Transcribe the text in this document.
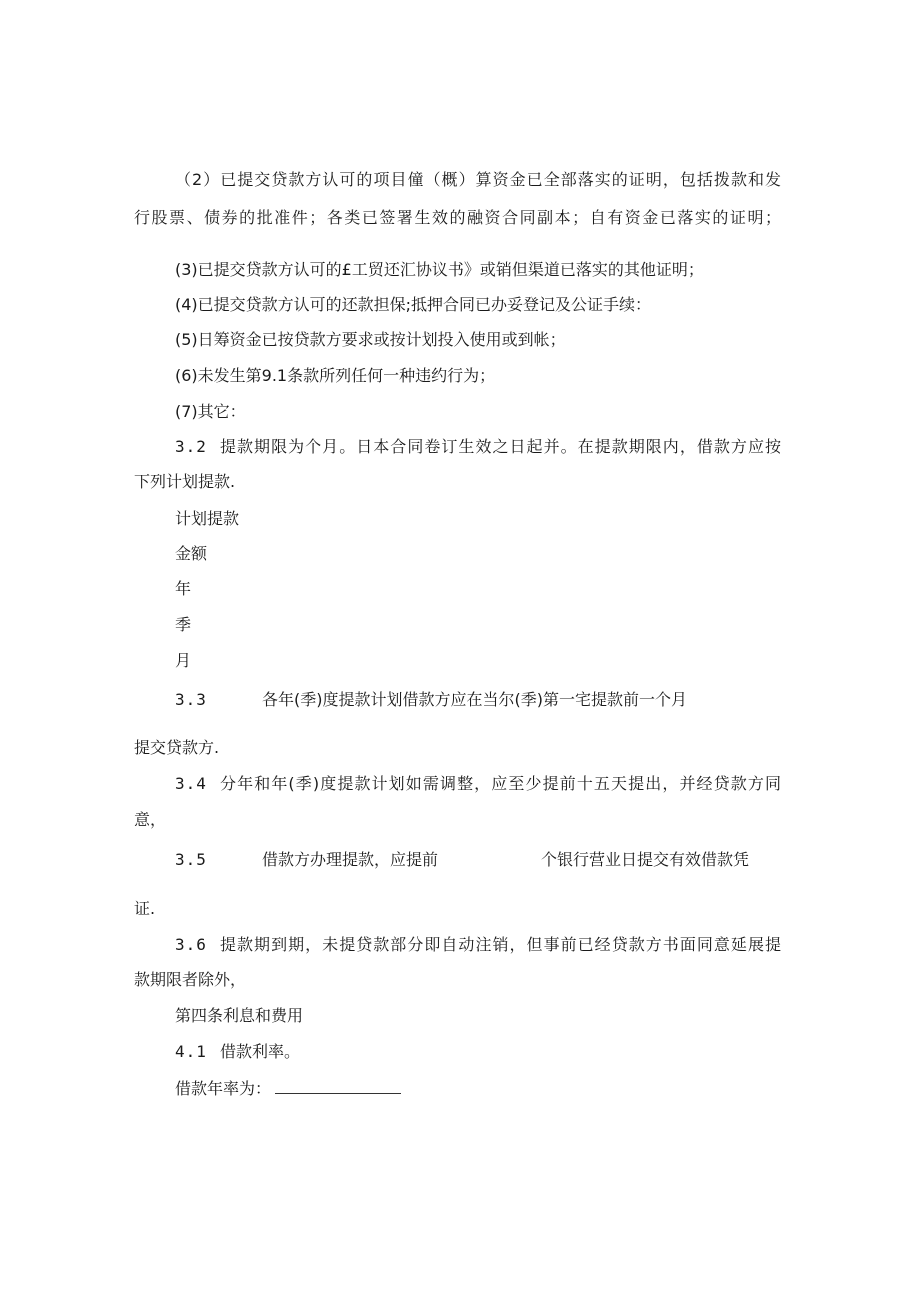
（2）已提交贷款方认可的项目僮（概）算资金已全部落实的证明，包括拨款和发

行股票、债券的批准件；各类已签署生效的融资合同副本；自有资金已落实的证明；

(3)已提交贷款方认可的£工贸还汇协议书》或销但渠道已落实的其他证明；

(4)已提交贷款方认可的还款担保;抵押合同已办妥登记及公证手续：

(5)日筹资金已按贷款方要求或按计划投入使用或到帐；

(6)未发生第9.1条款所列任何一种违约行为；

(7)其它：

3.2 提款期限为个月。日本合同卷订生效之日起并。在提款期限内，借款方应按

下列计划提款.

计划提款

金额

年

季

月

3.3	各年(季)度提款计划借款方应在当尔(季)第一宅提款前一个月

提交贷款方.

3.4 分年和年(季)度提款计划如需调整，应至少提前十五天提出，并经贷款方同

意，

3.5	借款方办理提款，应提前	个银行营业日提交有效借款凭

证.

3.6 提款期到期，未提贷款部分即自动注销，但事前已经贷款方书面同意延展提

款期限者除外，

第四条利息和费用

4.1 借款利率。

借款年率为：
